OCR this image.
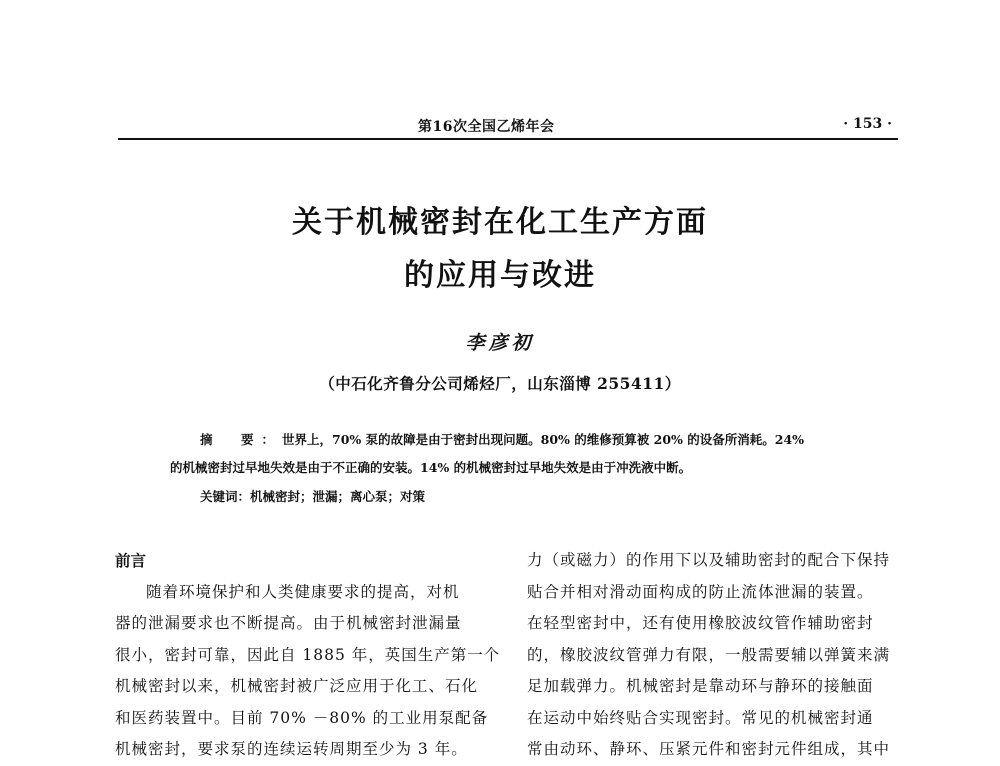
第16次全国乙烯年会	· 153 ·
关于机械密封在化工生产方面
的应用与改进
李彦初
（中石化齐鲁分公司烯烃厂，山东淄博 255411）
摘　要：世界上，70% 泵的故障是由于密封出现问题。80% 的维修预算被 20% 的设备所消耗。24%
的机械密封过早地失效是由于不正确的安装。14% 的机械密封过早地失效是由于冲洗液中断。
关键词：机械密封；泄漏；离心泵；对策
前言
随着环境保护和人类健康要求的提高，对机
器的泄漏要求也不断提高。由于机械密封泄漏量
很小，密封可靠，因此自 1885 年，英国生产第一个
机械密封以来，机械密封被广泛应用于化工、石化
和医药装置中。目前 70% －80% 的工业用泵配备
机械密封，要求泵的连续运转周期至少为 3 年。
力（或磁力）的作用下以及辅助密封的配合下保持
贴合并相对滑动面构成的防止流体泄漏的装置。
在轻型密封中，还有使用橡胶波纹管作辅助密封
的，橡胶波纹管弹力有限，一般需要辅以弹簧来满
足加载弹力。机械密封是靠动环与静环的接触面
在运动中始终贴合实现密封。常见的机械密封通
常由动环、静环、压紧元件和密封元件组成，其中
